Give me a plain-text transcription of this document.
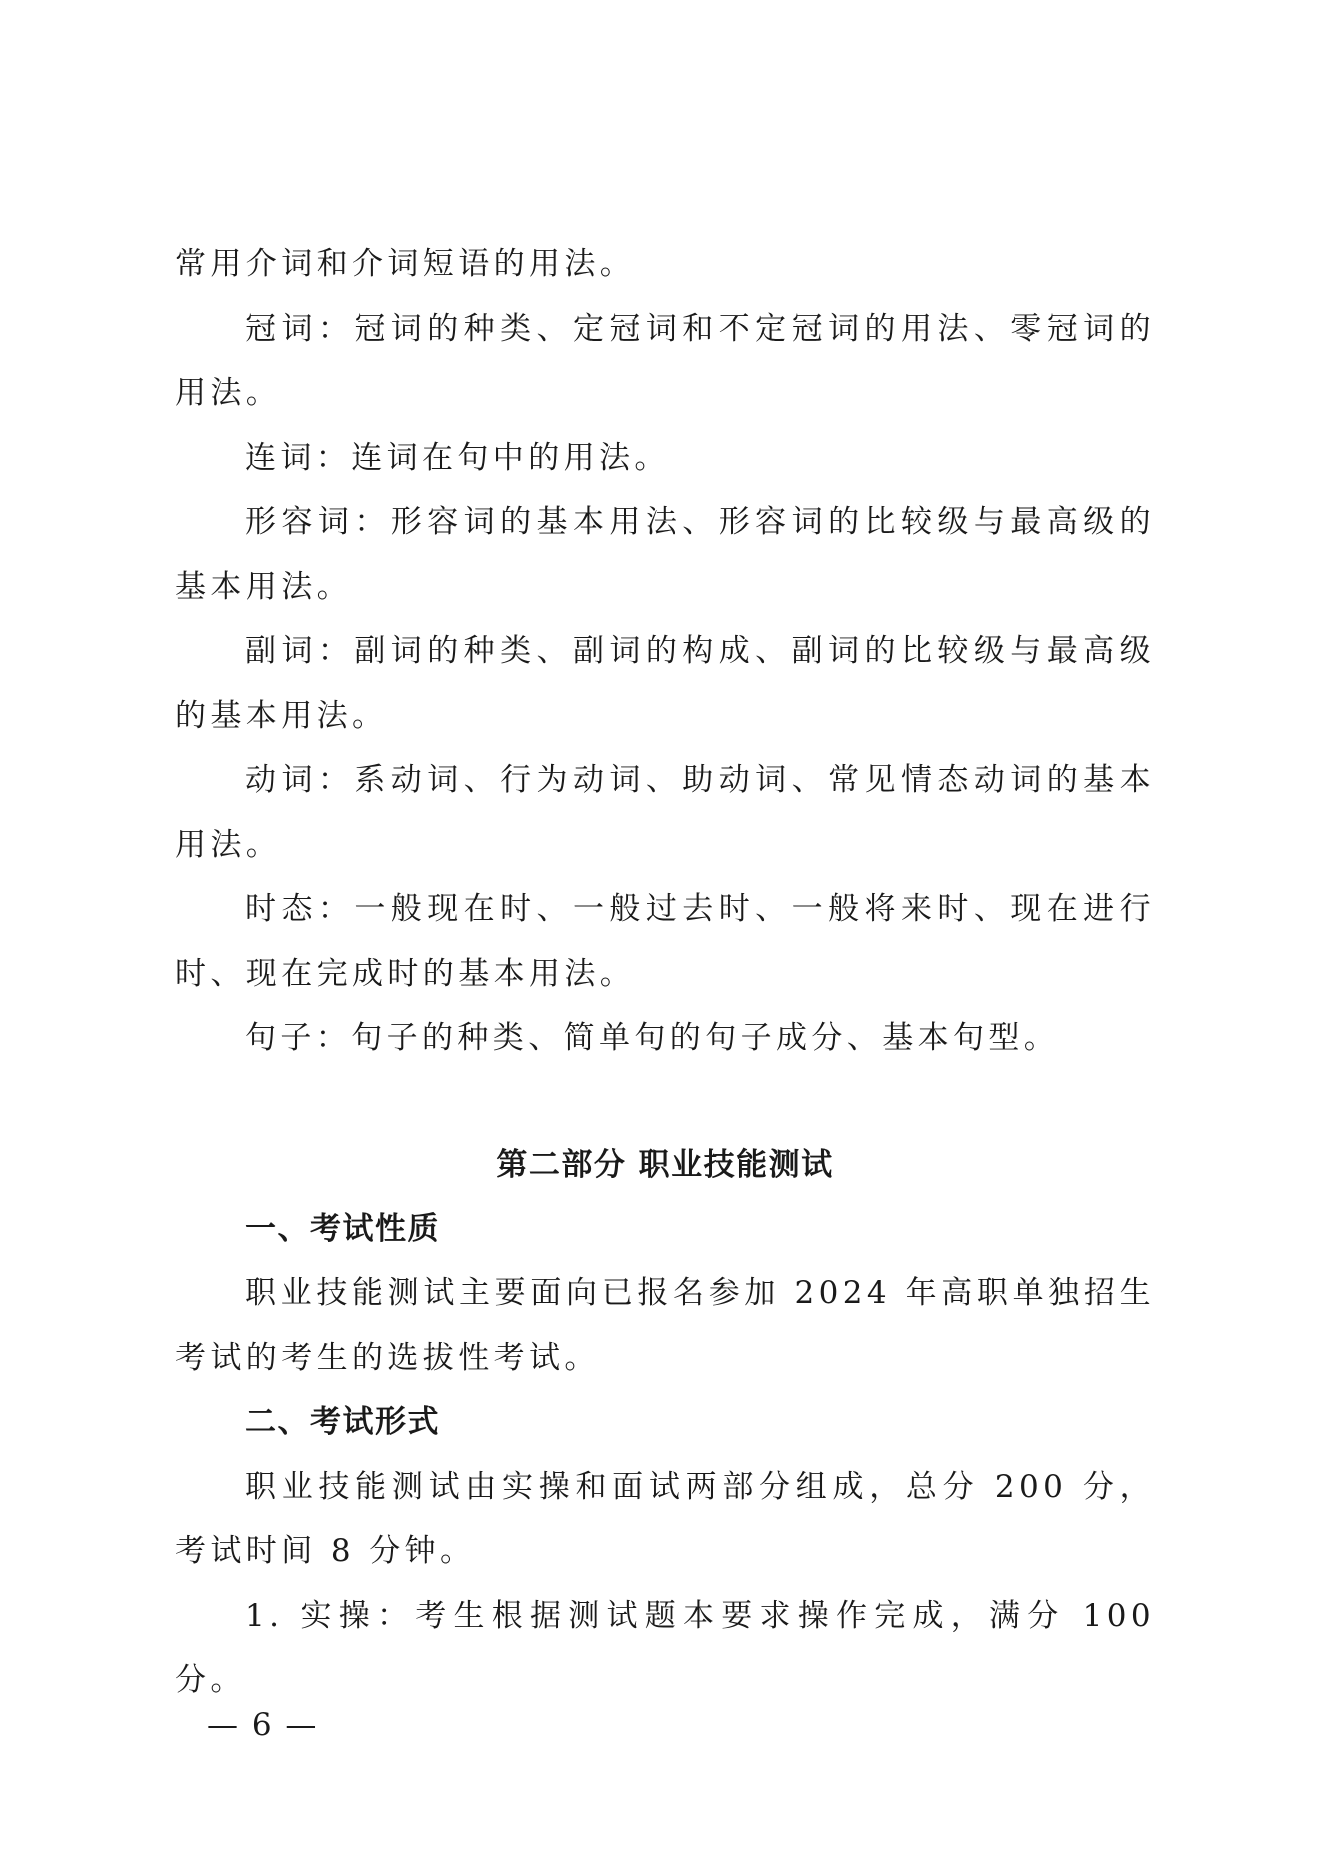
常用介词和介词短语的用法。

冠词：冠词的种类、定冠词和不定冠词的用法、零冠词的用法。

连词：连词在句中的用法。

形容词：形容词的基本用法、形容词的比较级与最高级的基本用法。

副词：副词的种类、副词的构成、副词的比较级与最高级的基本用法。

动词：系动词、行为动词、助动词、常见情态动词的基本用法。

时态：一般现在时、一般过去时、一般将来时、现在进行时、现在完成时的基本用法。

句子：句子的种类、简单句的句子成分、基本句型。

第二部分 职业技能测试

一、考试性质

职业技能测试主要面向已报名参加 2024 年高职单独招生考试的考生的选拔性考试。

二、考试形式

职业技能测试由实操和面试两部分组成，总分 200 分，考试时间 8 分钟。

1. 实操：考生根据测试题本要求操作完成，满分 100 分。

— 6 —
